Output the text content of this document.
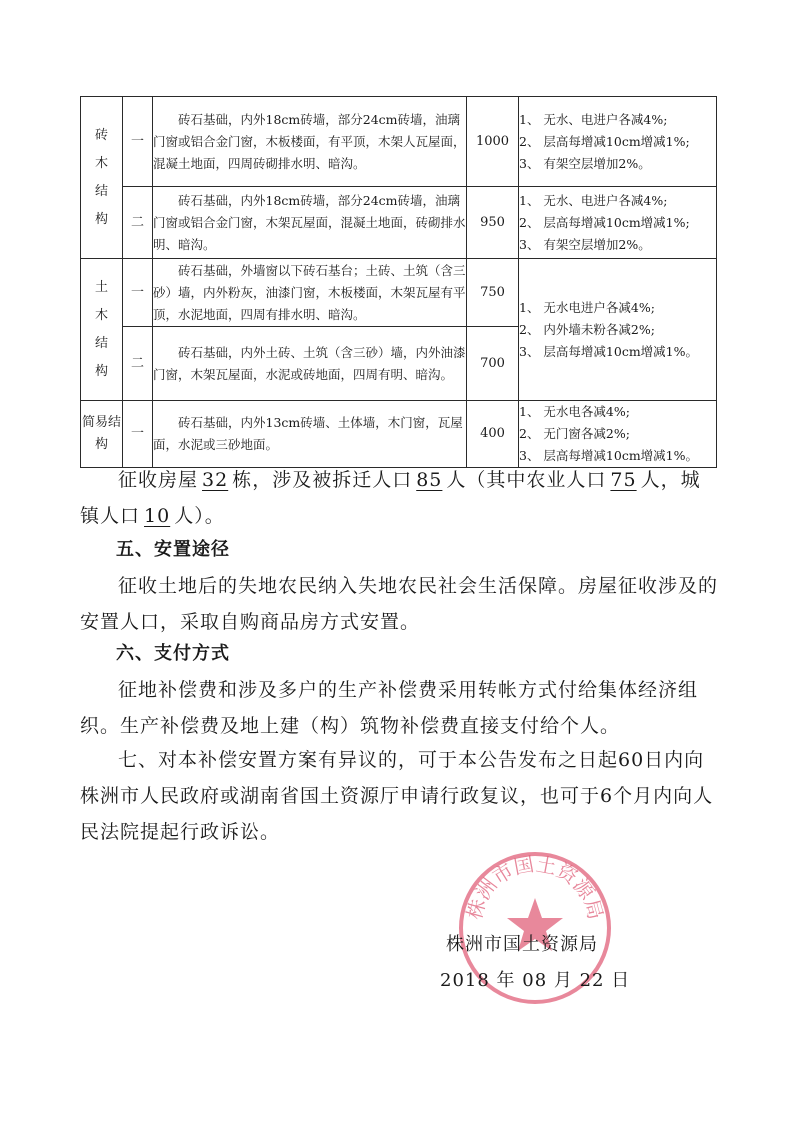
砖木结构	一	砖石基础，内外18cm砖墙，部分24cm砖墙，油璃门窗或铝合金门窗，木板楼面，有平顶，木架人瓦屋面，混凝土地面，四周砖砌排水明、暗沟。	1000	1、 无水、电进户各减4%;
2、 层高每增减10cm增减1%;
3、 有架空层增加2%。

	二	砖石基础，内外18cm砖墙，部分24cm砖墙，油璃门窗或铝合金门窗，木架瓦屋面，混凝土地面，砖砌排水明、暗沟。	950	1、 无水、电进户各减4%;
2、 层高每增减10cm增减1%;
3、 有架空层增加2%。

土木结构	一	砖石基础，外墙窗以下砖石基台；土砖、土筑（含三砂）墙，内外粉灰，油漆门窗，木板楼面，木架瓦屋有平顶，水泥地面，四周有排水明、暗沟。	750	1、 无水电进户各减4%;
2、 内外墙未粉各减2%;
3、 层高每增减10cm增减1%。

	二	砖石基础，内外土砖、土筑（含三砂）墙，内外油漆门窗，木架瓦屋面，水泥或砖地面，四周有明、暗沟。	700	

简易结构	一	砖石基础，内外13cm砖墙、土体墙，木门窗，瓦屋面，水泥或三砂地面。	400	1、 无水电各减4%;
2、 无门窗各减2%;
3、 层高每增减10cm增减1%。
征收房屋 32 栋，涉及被拆迁人口 85 人（其中农业人口 75 人，城镇人口 10 人）。
五、安置途径
征收土地后的失地农民纳入失地农民社会生活保障。房屋征收涉及的安置人口，采取自购商品房方式安置。
六、支付方式
征地补偿费和涉及多户的生产补偿费采用转帐方式付给集体经济组织。生产补偿费及地上建（构）筑物补偿费直接支付给个人。
七、对本补偿安置方案有异议的，可于本公告发布之日起60日内向株洲市人民政府或湖南省国土资源厅申请行政复议，也可于6个月内向人民法院提起行政诉讼。
株洲市国土资源局
株洲市国土资源局
2018 年 08 月 22 日
